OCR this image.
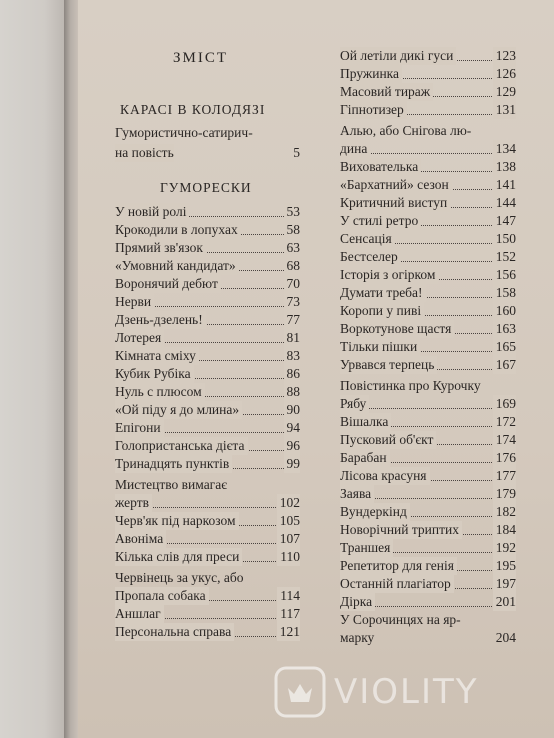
ЗМІСТ
КАРАСІ В КОЛОДЯЗІ
ГУМОРЕСКИ
Гумористично-сатирич-
на повість	5
У новій ролі	53
Крокодили в лопухах	58
Прямий зв'язок	63
«Умовний кандидат»	68
Воронячий дебют	70
Нерви	73
Дзень-дзелень!	77
Лотерея	81
Кімната сміху	83
Кубик Рубіка	86
Нуль с плюсом	88
«Ой піду я до млина»	90
Епігони	94
Голопристанська дієта	96
Тринадцять пунктів	99
Мистецтво вимагає
жертв	102
Черв'як під наркозом	105
Авоніма	107
Кілька слів для преси	110
Червінець за укус, або
Пропала собака	114
Аншлаг	117
Персональна справа	121
Ой летіли дикі гуси	123
Пружинка	126
Масовий тираж	129
Гіпнотизер	131
Алью, або Снігова лю-
дина	134
Вихователька	138
«Бархатний» сезон	141
Критичний виступ	144
У стилі ретро	147
Сенсація	150
Бестселер	152
Історія з огірком	156
Думати треба!	158
Коропи у пиві	160
Воркотунове щастя	163
Тільки пішки	165
Урвався терпець	167
Повістинка про Курочку
Рябу	169
Вішалка	172
Пусковий об'єкт	174
Барабан	176
Лісова красуня	177
Заява	179
Вундеркінд	182
Новорічний триптих	184
Траншея	192
Репетитор для генія	195
Останній плагіатор	197
Дірка	201
У Сорочинцях на яр-
марку	204
VIOLITY
